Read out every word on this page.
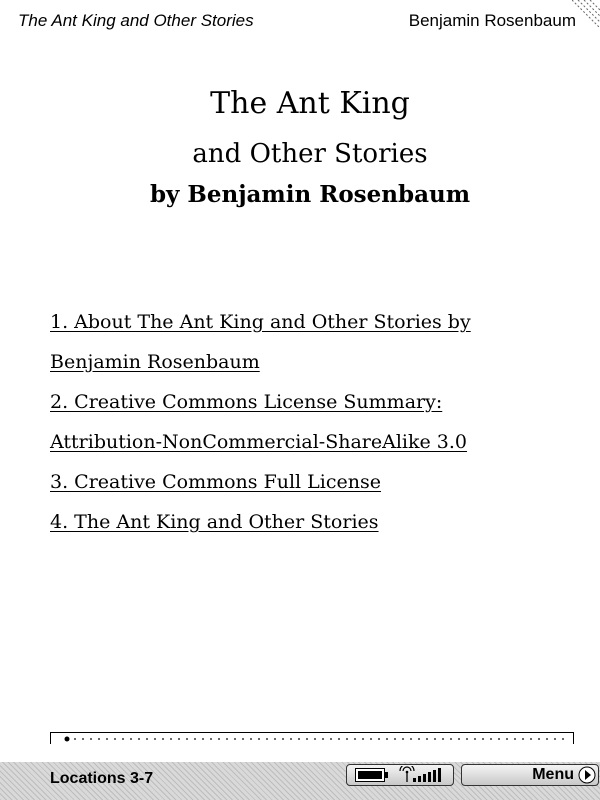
The Ant King and Other Stories	Benjamin Rosenbaum
The Ant King
and Other Stories
by Benjamin Rosenbaum
1. About The Ant King and Other Stories by
Benjamin Rosenbaum
2. Creative Commons License Summary:
Attribution-NonCommercial-ShareAlike 3.0
3. Creative Commons Full License
4. The Ant King and Other Stories
Locations 3-7	Menu
